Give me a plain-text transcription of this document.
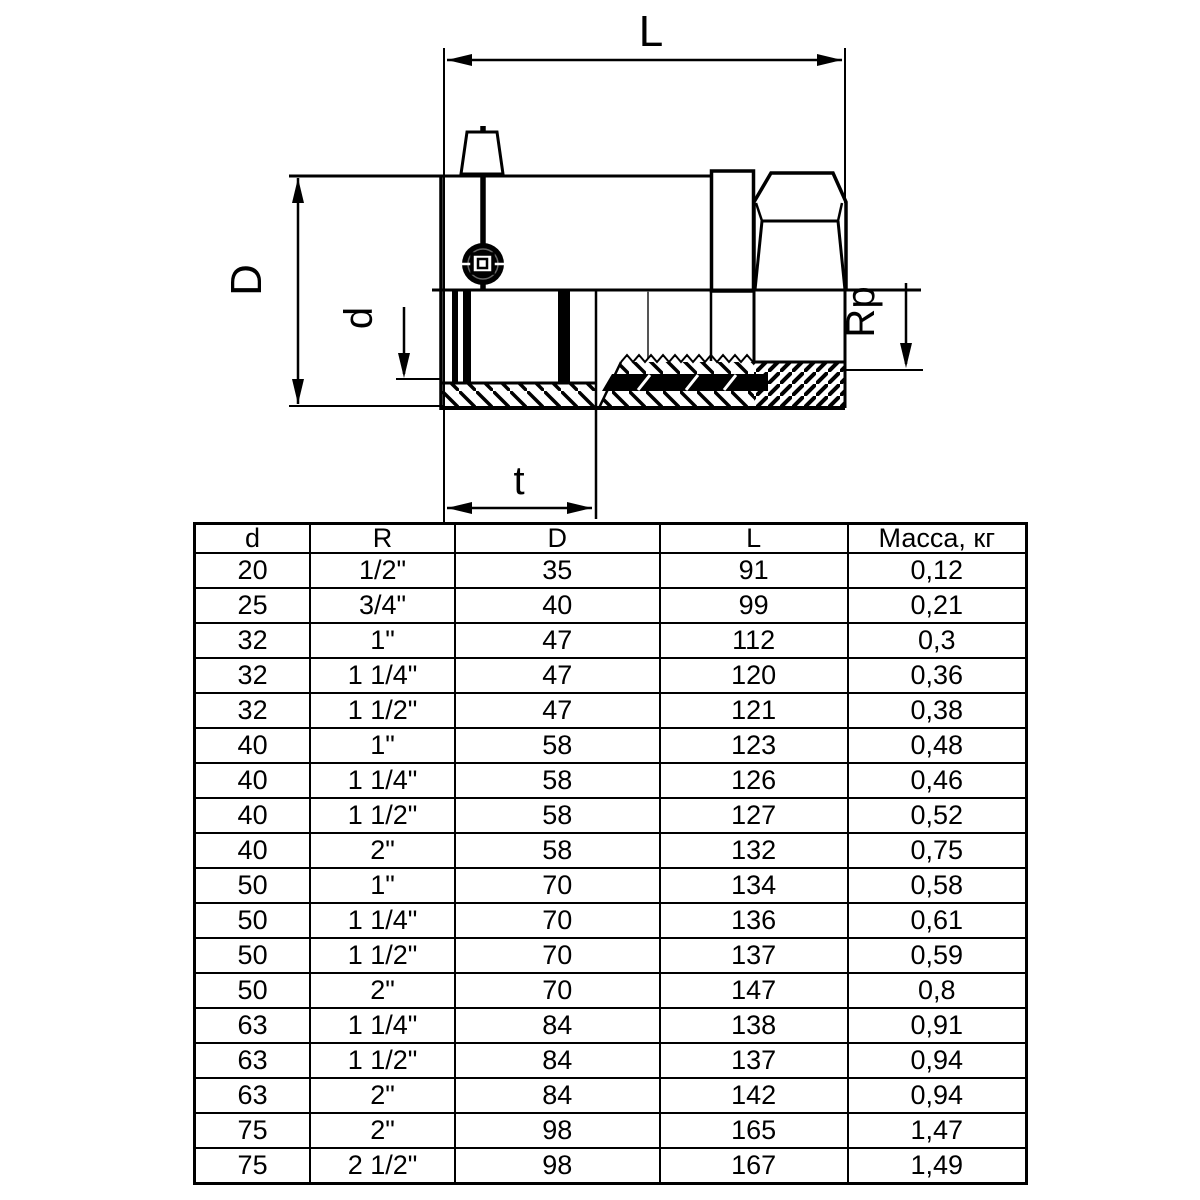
L
D
d	Rp
t
d	R	D	L	Масса, кг
20	1/2"	35	91	0,12
25	3/4"	40	99	0,21
32	1"	47	112	0,3
32	1 1/4"	47	120	0,36
32	1 1/2"	47	121	0,38
40	1"	58	123	0,48
40	1 1/4"	58	126	0,46
40	1 1/2"	58	127	0,52
40	2"	58	132	0,75
50	1"	70	134	0,58
50	1 1/4"	70	136	0,61
50	1 1/2"	70	137	0,59
50	2"	70	147	0,8
63	1 1/4"	84	138	0,91
63	1 1/2"	84	137	0,94
63	2"	84	142	0,94
75	2"	98	165	1,47
75	2 1/2"	98	167	1,49
